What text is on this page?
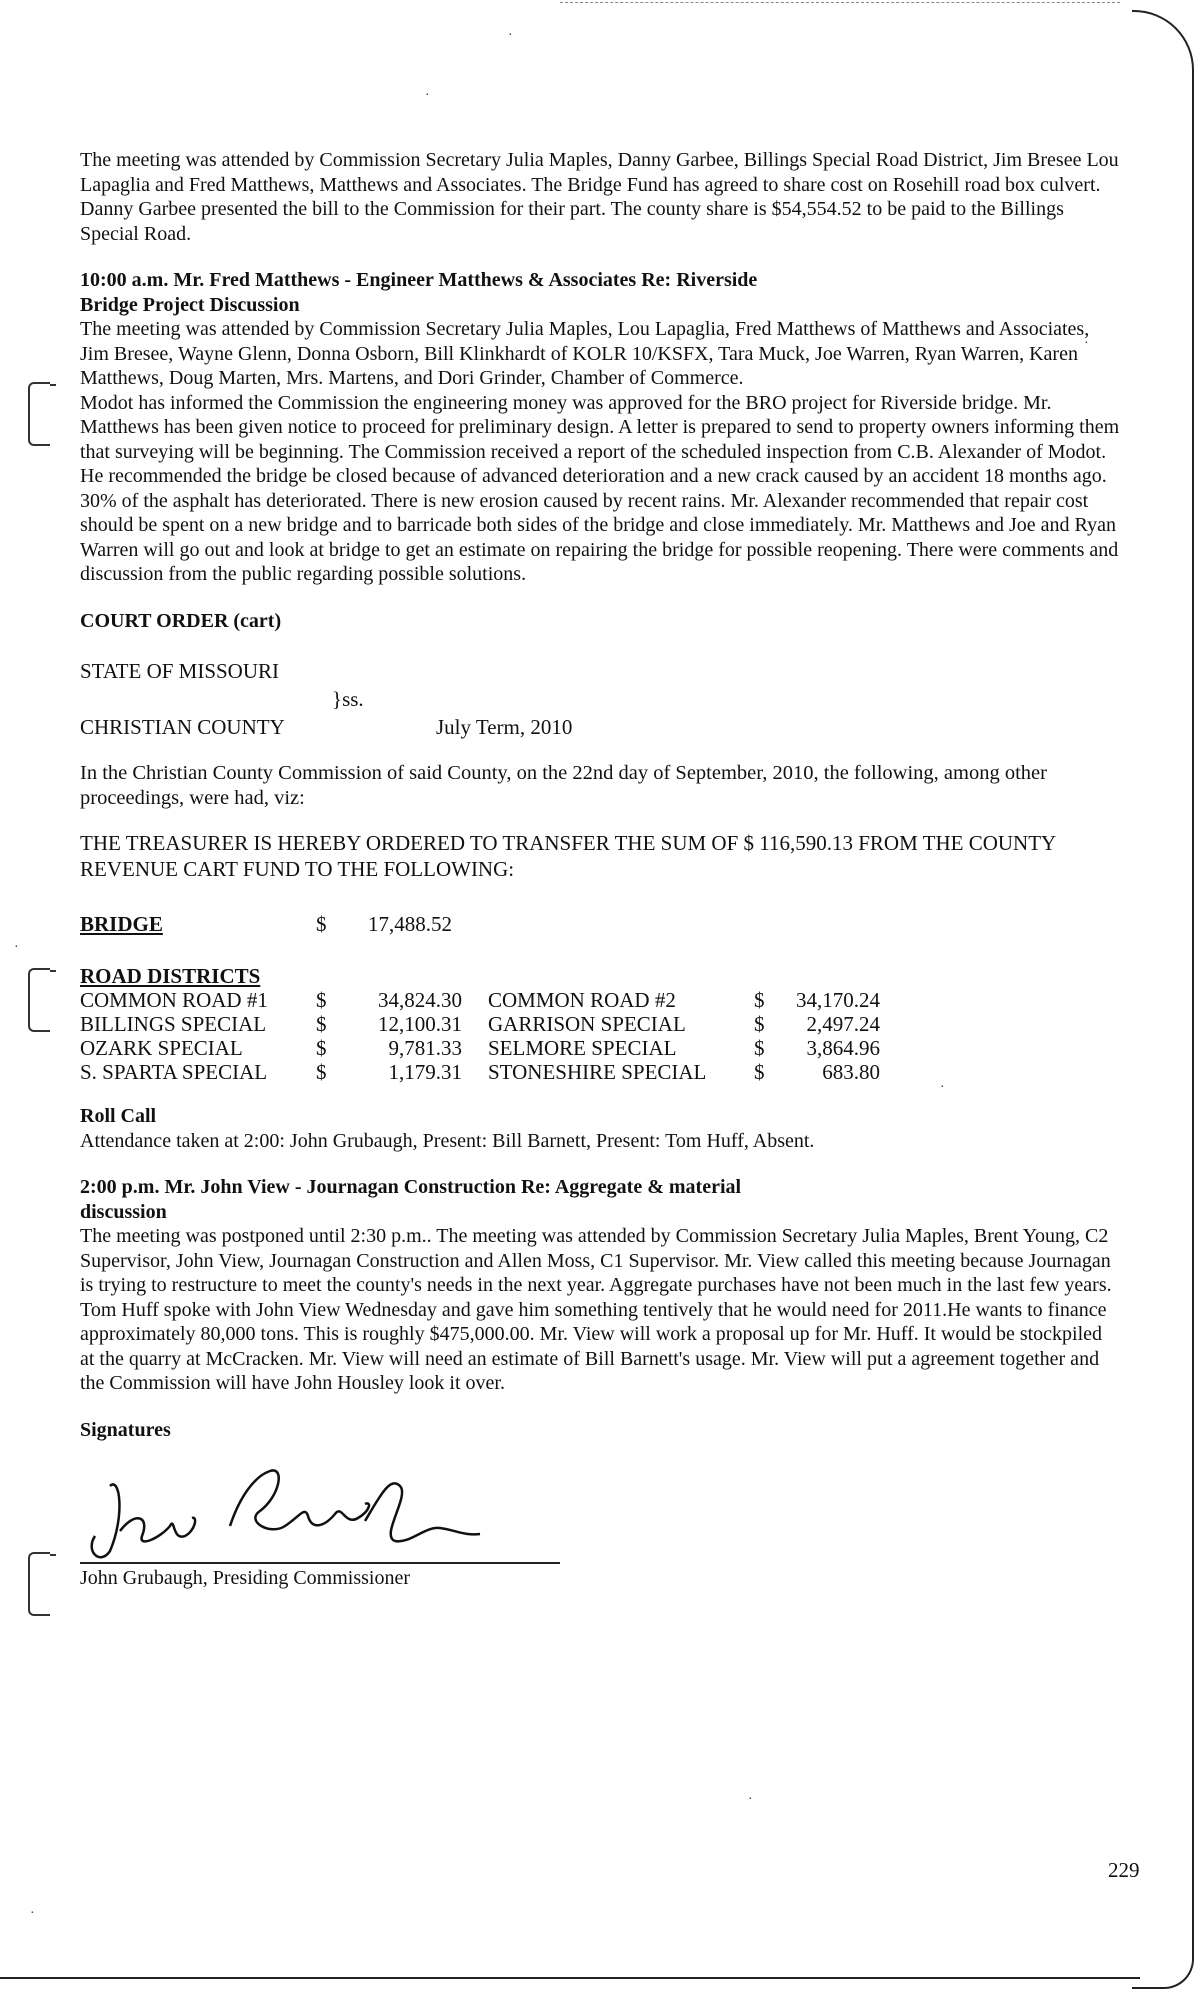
The meeting was attended by Commission Secretary Julia Maples, Danny Garbee, Billings Special Road District, Jim Bresee Lou Lapaglia and Fred Matthews, Matthews and Associates. The Bridge Fund has agreed to share cost on Rosehill road box culvert. Danny Garbee presented the bill to the Commission for their part. The county share is $54,554.52 to be paid to the Billings Special Road.

10:00 a.m. Mr. Fred Matthews - Engineer Matthews & Associates Re: Riverside

Bridge Project Discussion

The meeting was attended by Commission Secretary Julia Maples, Lou Lapaglia, Fred Matthews of Matthews and Associates, Jim Bresee, Wayne Glenn, Donna Osborn, Bill Klinkhardt of KOLR 10/KSFX, Tara Muck, Joe Warren, Ryan Warren, Karen Matthews, Doug Marten, Mrs. Martens, and Dori Grinder, Chamber of Commerce.

Modot has informed the Commission the engineering money was approved for the BRO project for Riverside bridge. Mr. Matthews has been given notice to proceed for preliminary design. A letter is prepared to send to property owners informing them that surveying will be beginning. The Commission received a report of the scheduled inspection from C.B. Alexander of Modot. He recommended the bridge be closed because of advanced deterioration and a new crack caused by an accident 18 months ago. 30% of the asphalt has deteriorated. There is new erosion caused by recent rains. Mr. Alexander recommended that repair cost should be spent on a new bridge and to barricade both sides of the bridge and close immediately. Mr. Matthews and Joe and Ryan Warren will go out and look at bridge to get an estimate on repairing the bridge for possible reopening. There were comments and discussion from the public regarding possible solutions.

COURT ORDER (cart)

STATE OF MISSOURI
}ss.
CHRISTIAN COUNTY	July Term, 2010

In the Christian County Commission of said County, on the 22nd day of September, 2010, the following, among other proceedings, were had, viz:

THE TREASURER IS HEREBY ORDERED TO TRANSFER THE SUM OF $ 116,590.13 FROM THE COUNTY REVENUE CART FUND TO THE FOLLOWING:

BRIDGE	$	17,488.52

ROAD DISTRICTS

COMMON ROAD #1	$	34,824.30	COMMON ROAD #2	$	34,170.24
BILLINGS SPECIAL	$	12,100.31	GARRISON SPECIAL	$	2,497.24
OZARK SPECIAL	$	9,781.33	SELMORE SPECIAL	$	3,864.96
S. SPARTA SPECIAL	$	1,179.31	STONESHIRE SPECIAL	$	683.80

Roll Call

Attendance taken at 2:00: John Grubaugh, Present: Bill Barnett, Present: Tom Huff, Absent.

2:00 p.m. Mr. John View - Journagan Construction Re: Aggregate & material

discussion

The meeting was postponed until 2:30 p.m.. The meeting was attended by Commission Secretary Julia Maples, Brent Young, C2 Supervisor, John View, Journagan Construction and Allen Moss, C1 Supervisor. Mr. View called this meeting because Journagan is trying to restructure to meet the county's needs in the next year. Aggregate purchases have not been much in the last few years. Tom Huff spoke with John View Wednesday and gave him something tentively that he would need for 2011.He wants to finance approximately 80,000 tons. This is roughly $475,000.00. Mr. View will work a proposal up for Mr. Huff. It would be stockpiled at the quarry at McCracken. Mr. View will need an estimate of Bill Barnett's usage. Mr. View will put a agreement together and the Commission will have John Housley look it over.

Signatures

John Grubaugh, Presiding Commissioner
229
·
·
·
·
·
·
·
